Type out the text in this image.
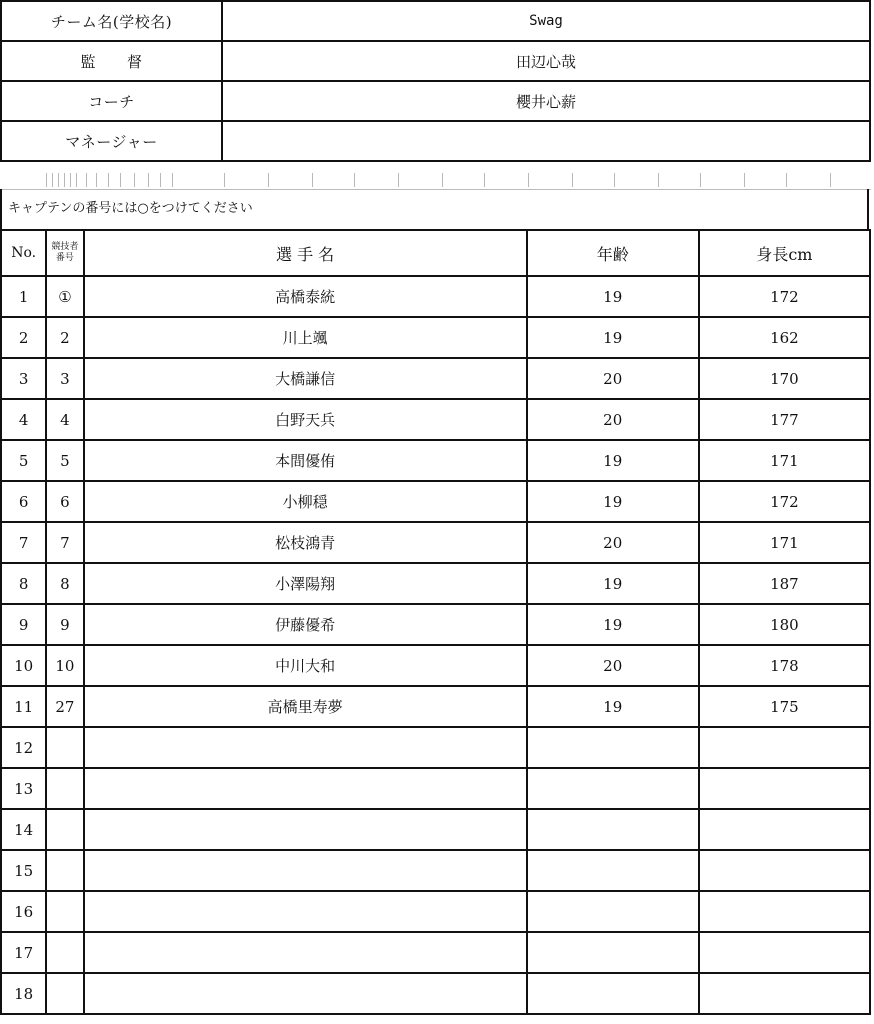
チーム名(学校名)	Swag
監　　督	田辺心哉
コーチ	櫻井心薪
マネージャー	
キャプテンの番号には○をつけてください
No.	競技者番号	選 手 名	年齢	身長cm
1	①	高橋泰統	19	172
2	2	川上颯	19	162
3	3	大橋謙信	20	170
4	4	白野天兵	20	177
5	5	本間優侑	19	171
6	6	小柳穏	19	172
7	7	松枝鴻青	20	171
8	8	小澤陽翔	19	187
9	9	伊藤優希	19	180
10	10	中川大和	20	178
11	27	高橋里寿夢	19	175
12				
13				
14				
15				
16				
17				
18				
